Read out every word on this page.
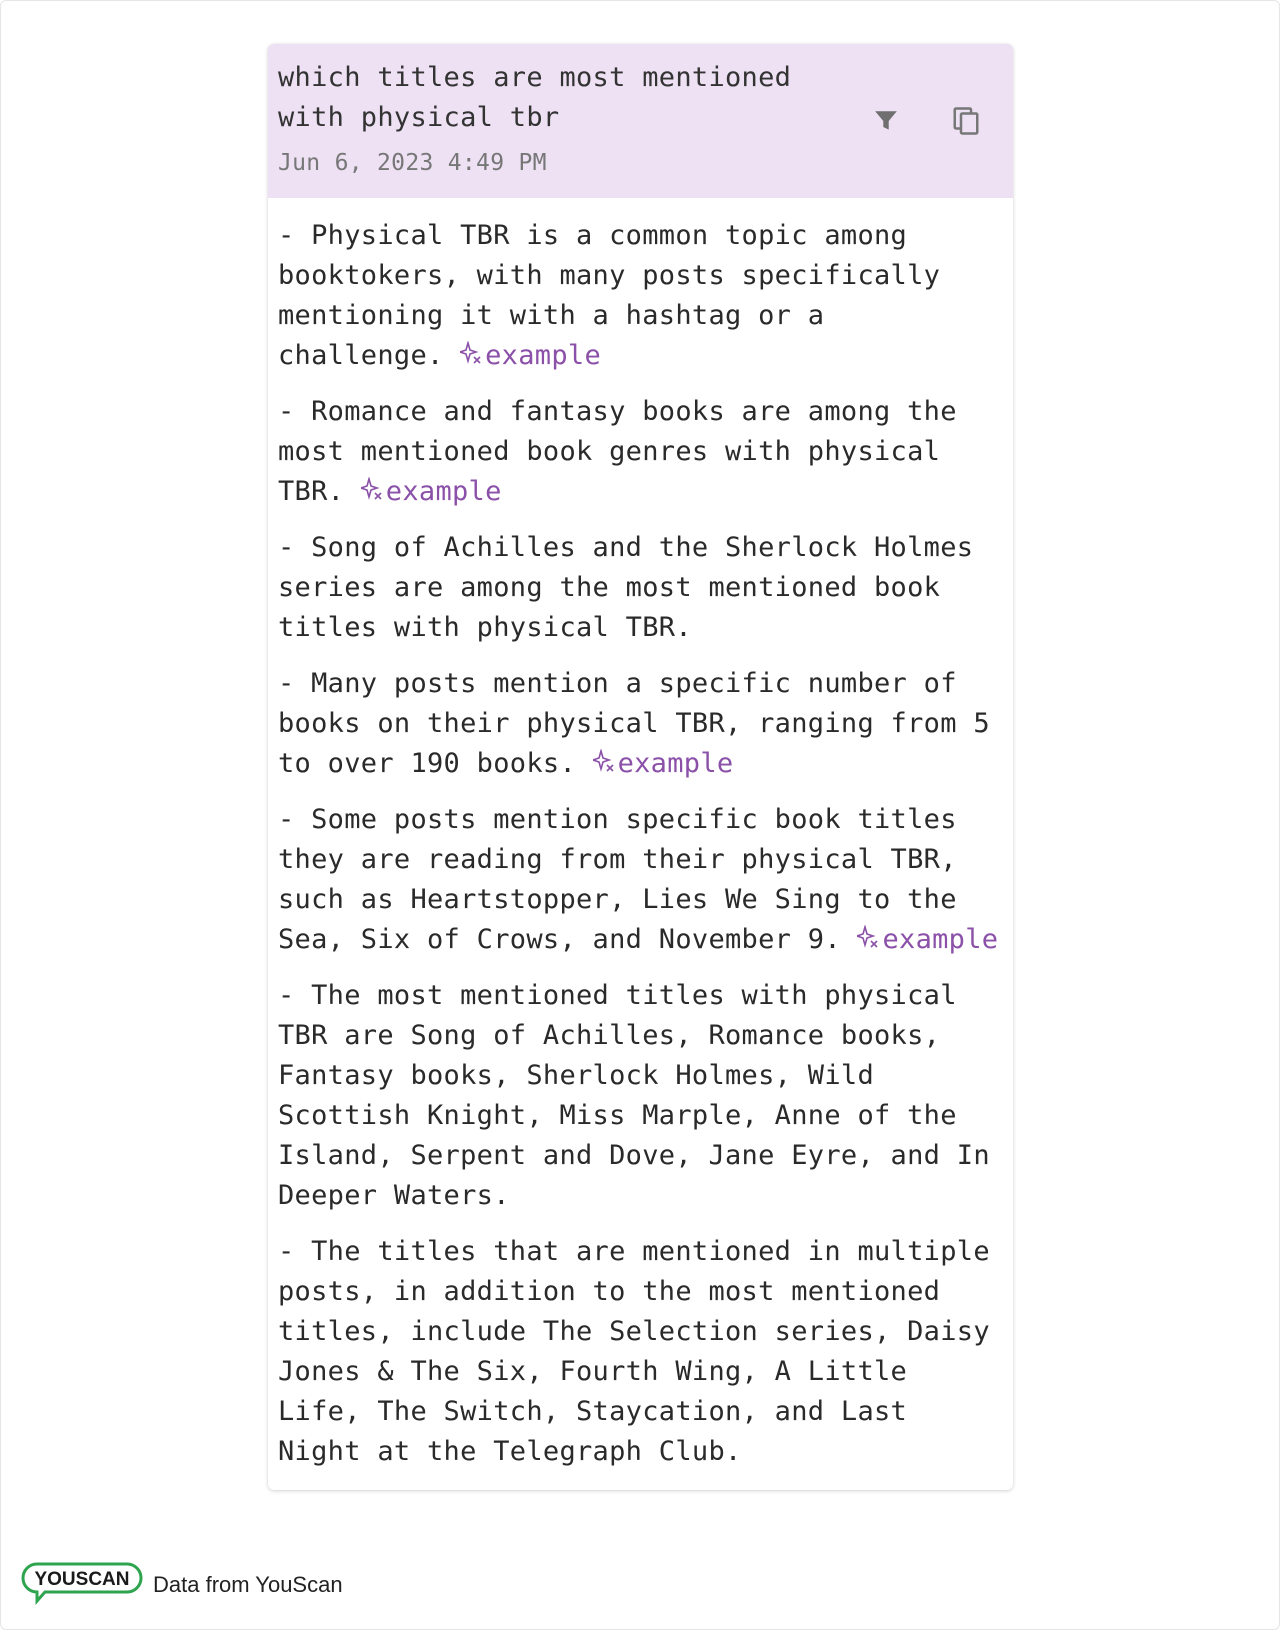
which titles are most mentioned with physical tbr
Jun 6, 2023 4:49 PM

- Physical TBR is a common topic among booktokers, with many posts specifically mentioning it with a hashtag or a challenge. example

- Romance and fantasy books are among the most mentioned book genres with physical TBR. example

- Song of Achilles and the Sherlock Holmes series are among the most mentioned book titles with physical TBR.

- Many posts mention a specific number of books on their physical TBR, ranging from 5 to over 190 books. example

- Some posts mention specific book titles they are reading from their physical TBR, such as Heartstopper, Lies We Sing to the Sea, Six of Crows, and November 9. example

- The most mentioned titles with physical TBR are Song of Achilles, Romance books, Fantasy books, Sherlock Holmes, Wild Scottish Knight, Miss Marple, Anne of the Island, Serpent and Dove, Jane Eyre, and In Deeper Waters.

- The titles that are mentioned in multiple posts, in addition to the most mentioned titles, include The Selection series, Daisy Jones & The Six, Fourth Wing, A Little Life, The Switch, Staycation, and Last Night at the Telegraph Club.

YOUSCAN Data from YouScan
